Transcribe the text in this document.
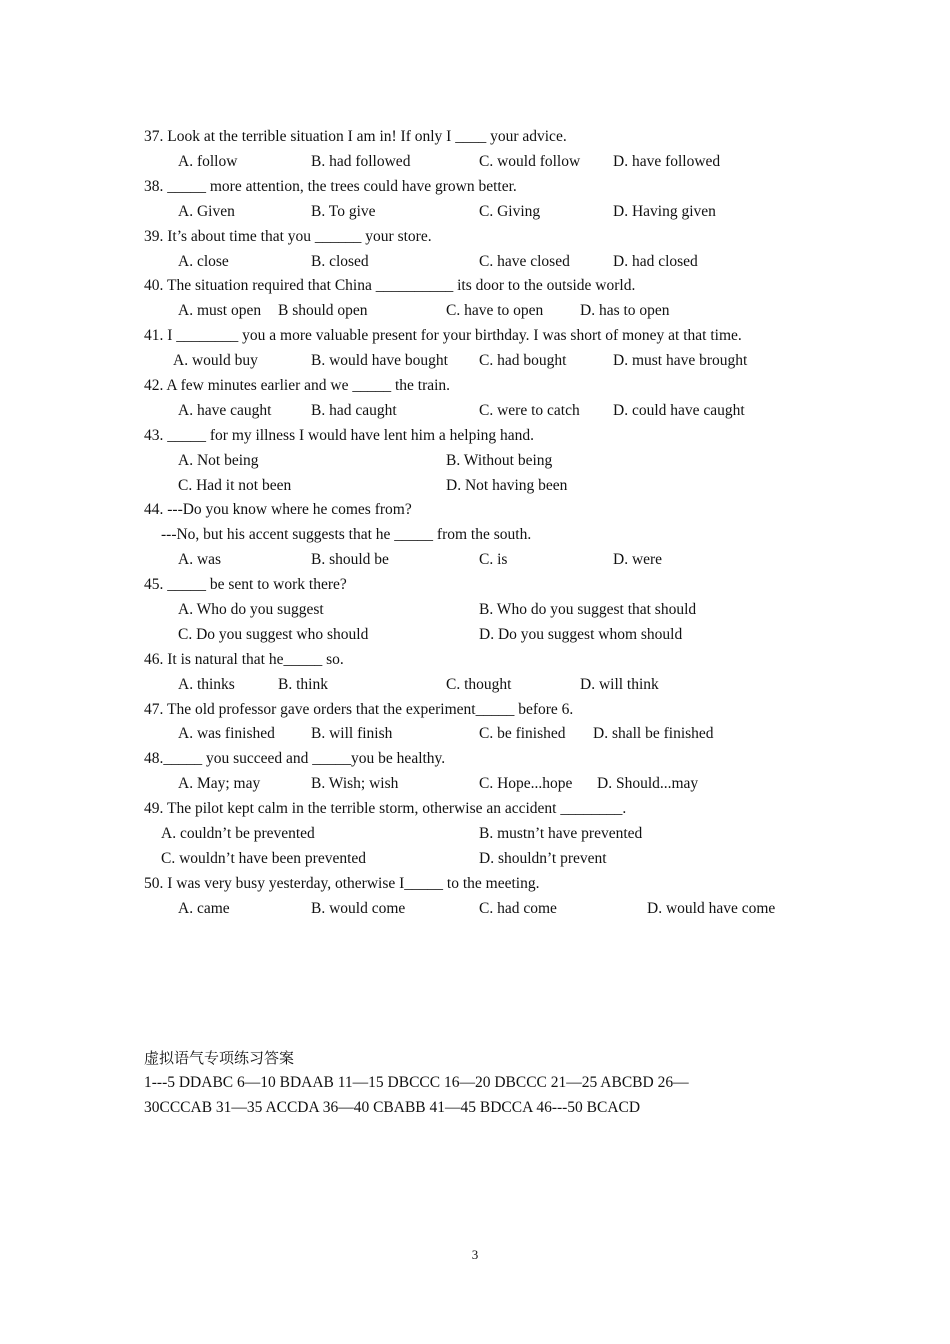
37. Look at the terrible situation I am in! If only I ____ your advice.
A. follow	B. had followed	C. would follow D. have followed
38. _____ more attention, the trees could have grown better.
A. Given	B. To give	C. Giving	D. Having given
39. It’s about time that you ______ your store.
A. close	B. closed	C. have closed	D. had closed
40. The situation required that China __________ its door to the outside world.
A. must open B should open	C. have to open D. has to open
41. I ________ you a more valuable present for your birthday. I was short of money at that time.
A. would buy	B. would have bought C. had bought	D. must have brought
42. A few minutes earlier and we _____ the train.
A. have caught	B. had caught	C. were to catch D. could have caught
43. _____ for my illness I would have lent him a helping hand.
A. Not being	B. Without being
C. Had it not been	D. Not having been
44. ---Do you know where he comes from?
---No, but his accent suggests that he _____ from the south.
A. was	B. should be	C. is	D. were
45. _____ be sent to work there?
A. Who do you suggest	B. Who do you suggest that should
C. Do you suggest who should	D. Do you suggest whom should
46. It is natural that he_____ so.
A. thinks	B. think	C. thought	D. will think
47. The old professor gave orders that the experiment_____ before 6.
A. was finished B. will finish	C. be finished D. shall be finished
48._____ you succeed and _____you be healthy.
A. May; may	B. Wish; wish	C. Hope...hope D. Should...may
49. The pilot kept calm in the terrible storm, otherwise an accident ________.
A. couldn’t be prevented	B. mustn’t have prevented
C. wouldn’t have been prevented	D. shouldn’t prevent
50. I was very busy yesterday, otherwise I_____ to the meeting.
A. came	B. would come	C. had come	D. would have come
虚拟语气专项练习答案
1---5 DDABC 6—10 BDAAB 11—15 DBCCC 16—20 DBCCC 21—25 ABCBD 26—
30CCCAB 31—35 ACCDA 36—40 CBABB 41—45 BDCCA 46---50 BCACD
3
